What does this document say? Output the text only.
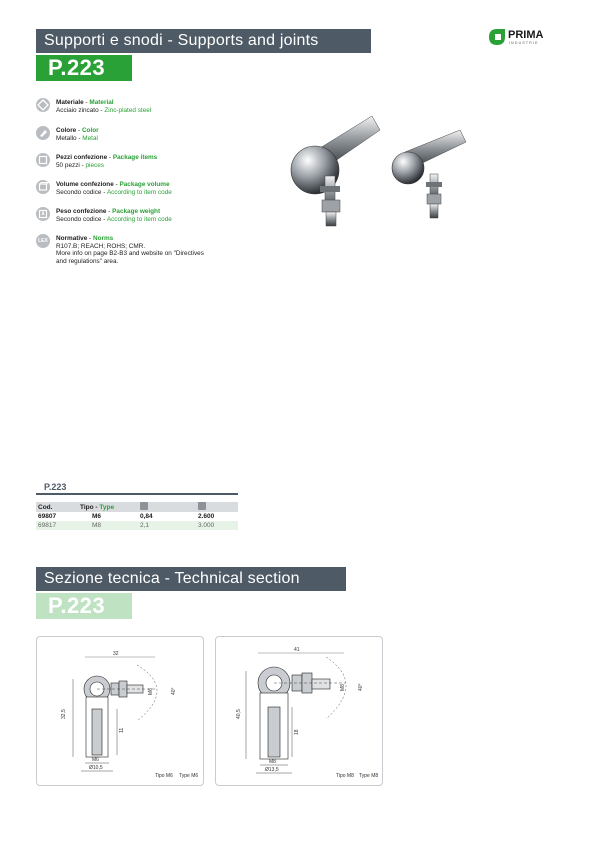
Supporti e snodi - Supports and joints
P.223
PRIMA
INDUSTRIE
Materiale - Material
Acciaio zincato - Zinc-plated steel
Colore - Color
Metallo - Metal
Pezzi confezione - Package items
50 pezzi - pieces
Volume confezione - Package volume
Secondo codice - According to item code
Peso confezione - Package weight
Secondo codice - According to item code
LEX	Normative - Norms
R107.B; REACH; ROHS; CMR.
More info on page B2-B3 and website on "Directives
and regulations" area.
P.223
Cod.	Tipo - Type		
69807	M6	0,84	2.600
69817	M8	2,1	3.000
Sezione tecnica - Technical section
P.223
32
32,5
M6	40°
11
M6
Ø10,5
Tipo M6 Type M6
41
40,5
M8 40°
18
M8
Ø13,5
Tipo M8 Type M8
